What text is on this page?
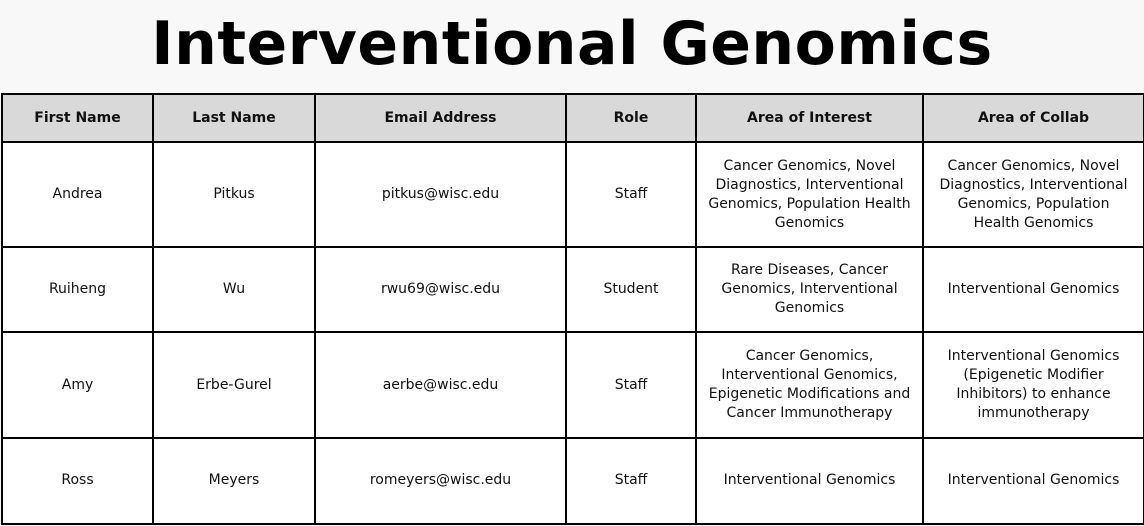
Interventional Genomics
First Name	Last Name	Email Address	Role	Area of Interest	Area of Collab
Andrea	Pitkus	pitkus@wisc.edu	Staff	Cancer Genomics, Novel Diagnostics, Interventional Genomics, Population Health Genomics	Cancer Genomics, Novel Diagnostics, Interventional Genomics, Population Health Genomics
Ruiheng	Wu	rwu69@wisc.edu	Student	Rare Diseases, Cancer Genomics, Interventional Genomics	Interventional Genomics
Amy	Erbe-Gurel	aerbe@wisc.edu	Staff	Cancer Genomics, Interventional Genomics, Epigenetic Modifications and Cancer Immunotherapy	Interventional Genomics (Epigenetic Modifier Inhibitors) to enhance immunotherapy
Ross	Meyers	romeyers@wisc.edu	Staff	Interventional Genomics	Interventional Genomics
